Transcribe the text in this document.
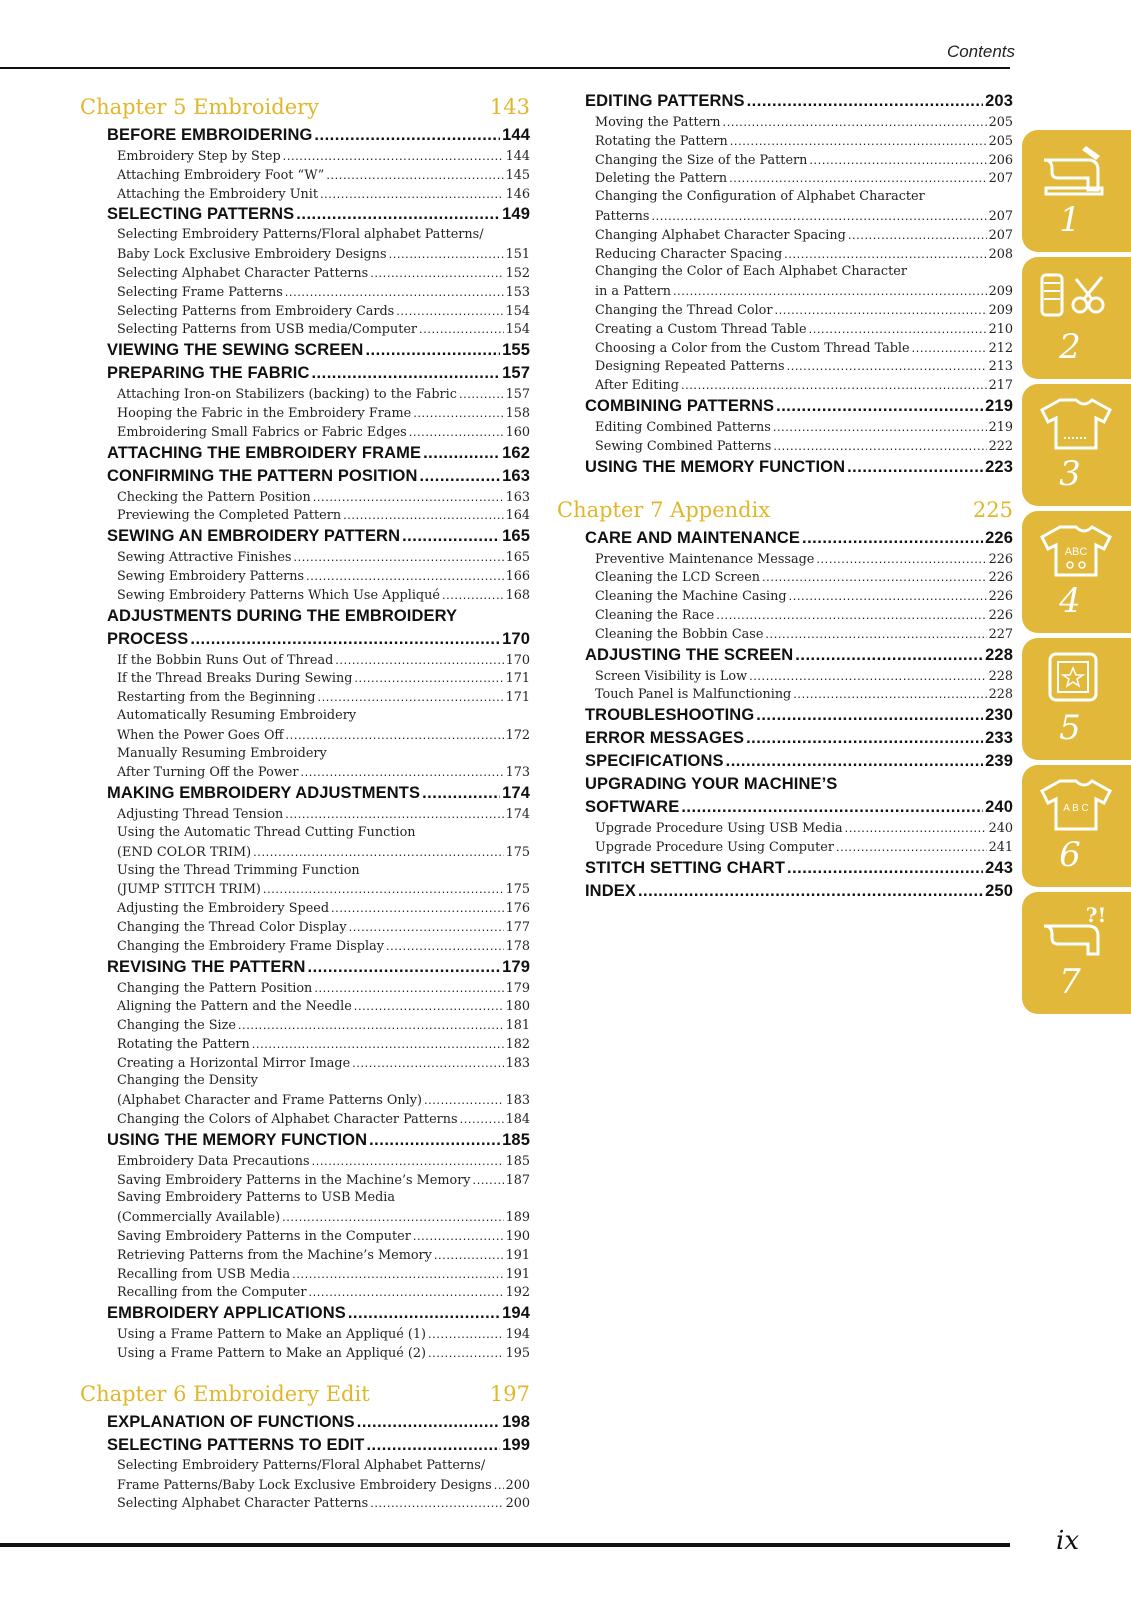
Contents
Chapter 5 Embroidery	143
BEFORE EMBROIDERING .....	144
Embroidery Step by Step .....	144
Attaching Embroidery Foot “W” .....	145
Attaching the Embroidery Unit .....	146
SELECTING PATTERNS .....	149
Selecting Embroidery Patterns/Floral alphabet Patterns/
Baby Lock Exclusive Embroidery Designs .....	151
Selecting Alphabet Character Patterns .....	152
Selecting Frame Patterns .....	153
Selecting Patterns from Embroidery Cards .....	154
Selecting Patterns from USB media/Computer .....	154
VIEWING THE SEWING SCREEN .....	155
PREPARING THE FABRIC .....	157
Attaching Iron-on Stabilizers (backing) to the Fabric .....	157
Hooping the Fabric in the Embroidery Frame .....	158
Embroidering Small Fabrics or Fabric Edges .....	160
ATTACHING THE EMBROIDERY FRAME .....	162
CONFIRMING THE PATTERN POSITION .....	163
Checking the Pattern Position .....	163
Previewing the Completed Pattern .....	164
SEWING AN EMBROIDERY PATTERN .....	165
Sewing Attractive Finishes .....	165
Sewing Embroidery Patterns .....	166
Sewing Embroidery Patterns Which Use Appliqué .....	168
ADJUSTMENTS DURING THE EMBROIDERY
PROCESS .....	170
If the Bobbin Runs Out of Thread .....	170
If the Thread Breaks During Sewing .....	171
Restarting from the Beginning .....	171
Automatically Resuming Embroidery
When the Power Goes Off .....	172
Manually Resuming Embroidery
After Turning Off the Power .....	173
MAKING EMBROIDERY ADJUSTMENTS .....	174
Adjusting Thread Tension .....	174
Using the Automatic Thread Cutting Function
(END COLOR TRIM) .....	175
Using the Thread Trimming Function
(JUMP STITCH TRIM) .....	175
Adjusting the Embroidery Speed .....	176
Changing the Thread Color Display .....	177
Changing the Embroidery Frame Display .....	178
REVISING THE PATTERN .....	179
Changing the Pattern Position .....	179
Aligning the Pattern and the Needle .....	180
Changing the Size .....	181
Rotating the Pattern .....	182
Creating a Horizontal Mirror Image .....	183
Changing the Density
(Alphabet Character and Frame Patterns Only) .....	183
Changing the Colors of Alphabet Character Patterns .....	184
USING THE MEMORY FUNCTION .....	185
Embroidery Data Precautions .....	185
Saving Embroidery Patterns in the Machine’s Memory .....	187
Saving Embroidery Patterns to USB Media
(Commercially Available) .....	189
Saving Embroidery Patterns in the Computer .....	190
Retrieving Patterns from the Machine’s Memory .....	191
Recalling from USB Media .....	191
Recalling from the Computer .....	192
EMBROIDERY APPLICATIONS .....	194
Using a Frame Pattern to Make an Appliqué (1) .....	194
Using a Frame Pattern to Make an Appliqué (2) .....	195
Chapter 6 Embroidery Edit	197
EXPLANATION OF FUNCTIONS .....	198
SELECTING PATTERNS TO EDIT .....	199
Selecting Embroidery Patterns/Floral Alphabet Patterns/
Frame Patterns/Baby Lock Exclusive Embroidery Designs ..... 200
Selecting Alphabet Character Patterns .....	200
EDITING PATTERNS .....	203
Moving the Pattern .....	205
Rotating the Pattern .....	205
Changing the Size of the Pattern .....	206
Deleting the Pattern .....	207
Changing the Configuration of Alphabet Character
Patterns .....	207
Changing Alphabet Character Spacing .....	207
Reducing Character Spacing .....	208
Changing the Color of Each Alphabet Character
in a Pattern .....	209
Changing the Thread Color .....	209
Creating a Custom Thread Table .....	210
Choosing a Color from the Custom Thread Table .....	212
Designing Repeated Patterns .....	213
After Editing .....	217
COMBINING PATTERNS .....	219
Editing Combined Patterns .....	219
Sewing Combined Patterns .....	222
USING THE MEMORY FUNCTION .....	223
Chapter 7 Appendix	225
CARE AND MAINTENANCE .....	226
Preventive Maintenance Message .....	226
Cleaning the LCD Screen .....	226
Cleaning the Machine Casing .....	226
Cleaning the Race .....	226
Cleaning the Bobbin Case .....	227
ADJUSTING THE SCREEN .....	228
Screen Visibility is Low .....	228
Touch Panel is Malfunctioning .....	228
TROUBLESHOOTING .....	230
ERROR MESSAGES .....	233
SPECIFICATIONS .....	239
UPGRADING YOUR MACHINE’S
SOFTWARE .....	240
Upgrade Procedure Using USB Media .....	240
Upgrade Procedure Using Computer .....	241
STITCH SETTING CHART .....	243
INDEX .....	250
1
2
3
ABC
4
5
A B C
6
?!
7
ix
